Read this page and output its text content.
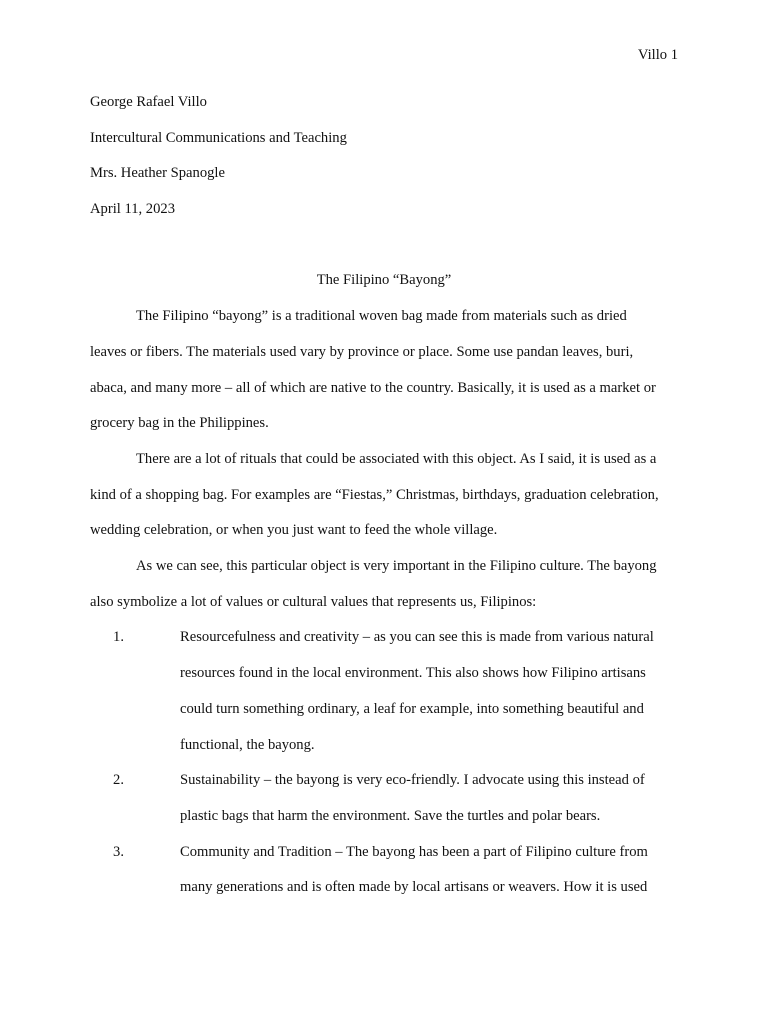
Villo 1
George Rafael Villo
Intercultural Communications and Teaching
Mrs. Heather Spanogle
April 11, 2023
The Filipino “Bayong”
The Filipino “bayong” is a traditional woven bag made from materials such as dried
leaves or fibers. The materials used vary by province or place. Some use pandan leaves, buri,
abaca, and many more – all of which are native to the country. Basically, it is used as a market or
grocery bag in the Philippines.
There are a lot of rituals that could be associated with this object. As I said, it is used as a
kind of a shopping bag. For examples are “Fiestas,” Christmas, birthdays, graduation celebration,
wedding celebration, or when you just want to feed the whole village.
As we can see, this particular object is very important in the Filipino culture. The bayong
also symbolize a lot of values or cultural values that represents us, Filipinos:
1.	Resourcefulness and creativity – as you can see this is made from various natural
resources found in the local environment. This also shows how Filipino artisans
could turn something ordinary, a leaf for example, into something beautiful and
functional, the bayong.
2.	Sustainability – the bayong is very eco-friendly. I advocate using this instead of
plastic bags that harm the environment. Save the turtles and polar bears.
3.	Community and Tradition – The bayong has been a part of Filipino culture from
many generations and is often made by local artisans or weavers. How it is used
